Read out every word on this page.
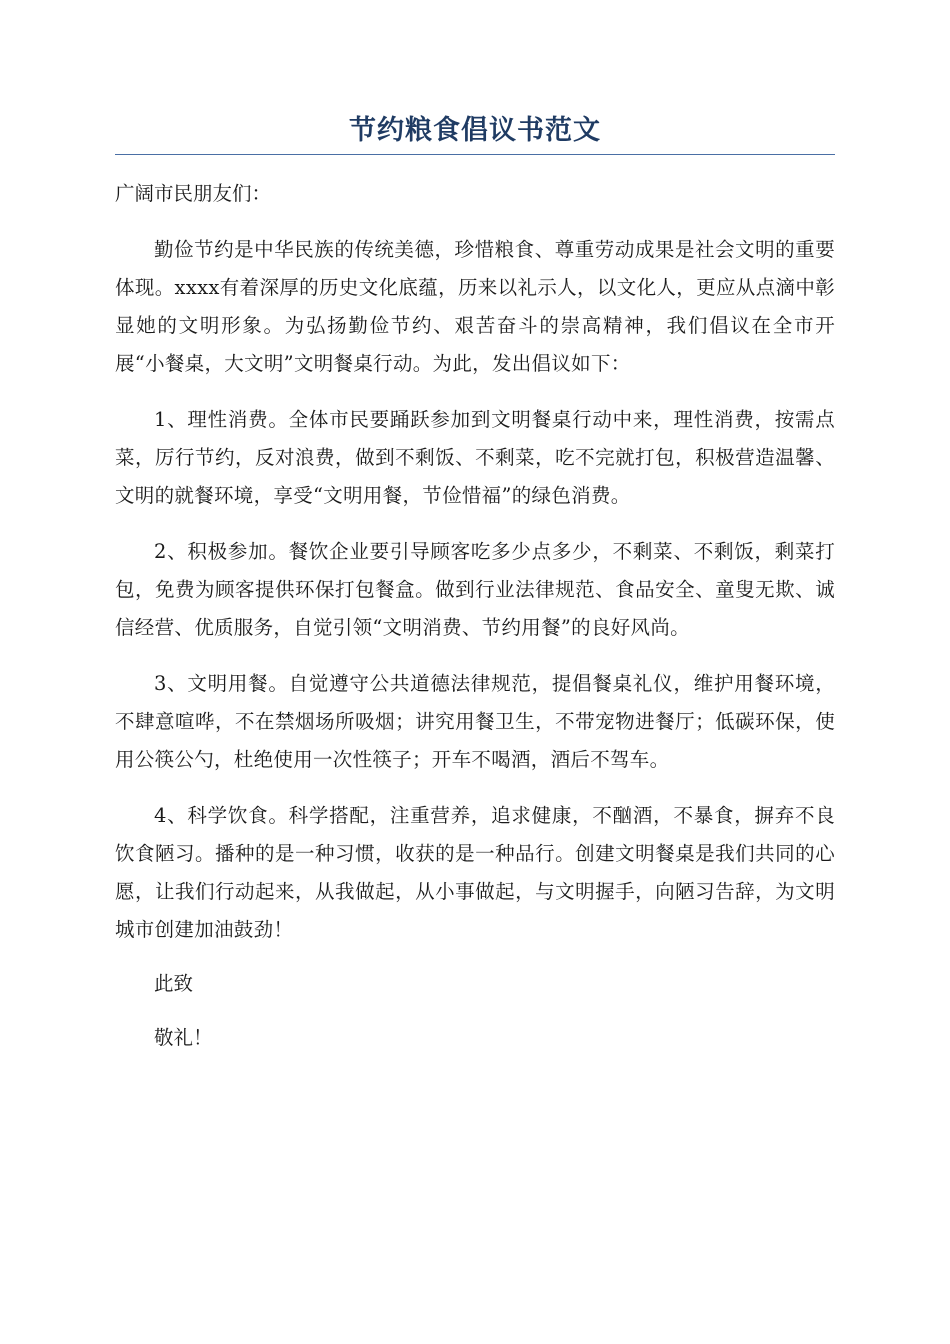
节约粮食倡议书范文

广阔市民朋友们：

勤俭节约是中华民族的传统美德，珍惜粮食、尊重劳动成果是社会文明的重要体现。xxxx有着深厚的历史文化底蕴，历来以礼示人，以文化人，更应从点滴中彰显她的文明形象。为弘扬勤俭节约、艰苦奋斗的崇高精神，我们倡议在全市开展“小餐桌，大文明”文明餐桌行动。为此，发出倡议如下：

1、理性消费。全体市民要踊跃参加到文明餐桌行动中来，理性消费，按需点菜，厉行节约，反对浪费，做到不剩饭、不剩菜，吃不完就打包，积极营造温馨、文明的就餐环境，享受“文明用餐，节俭惜福”的绿色消费。

2、积极参加。餐饮企业要引导顾客吃多少点多少，不剩菜、不剩饭，剩菜打包，免费为顾客提供环保打包餐盒。做到行业法律规范、食品安全、童叟无欺、诚信经营、优质服务，自觉引领“文明消费、节约用餐”的良好风尚。

3、文明用餐。自觉遵守公共道德法律规范，提倡餐桌礼仪，维护用餐环境，不肆意喧哗，不在禁烟场所吸烟；讲究用餐卫生，不带宠物进餐厅；低碳环保，使用公筷公勺，杜绝使用一次性筷子；开车不喝酒，酒后不驾车。

4、科学饮食。科学搭配，注重营养，追求健康，不酗酒，不暴食，摒弃不良饮食陋习。播种的是一种习惯，收获的是一种品行。创建文明餐桌是我们共同的心愿，让我们行动起来，从我做起，从小事做起，与文明握手，向陋习告辞，为文明城市创建加油鼓劲！

此致

敬礼！
